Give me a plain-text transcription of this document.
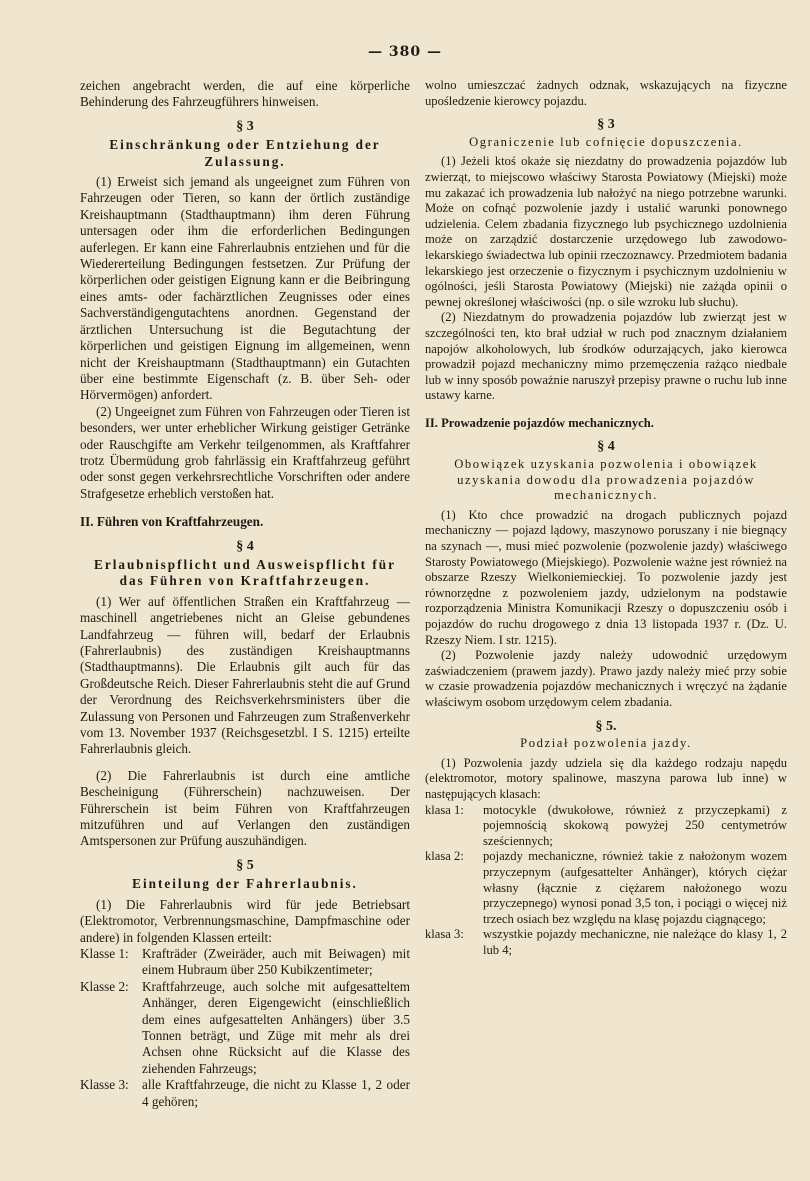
— 380 —

zeichen angebracht werden, die auf eine körperliche Behinderung des Fahrzeugführers hinweisen.

§ 3
Einschränkung oder Entziehung der Zulassung.

(1) Erweist sich jemand als ungeeignet zum Führen von Fahrzeugen oder Tieren, so kann der örtlich zuständige Kreishauptmann (Stadthauptmann) ihm deren Führung untersagen oder ihm die erforderlichen Bedingungen auferlegen. Er kann eine Fahrerlaubnis entziehen und für die Wiedererteilung Bedingungen festsetzen. Zur Prüfung der körperlichen oder geistigen Eignung kann er die Beibringung eines amts- oder fachärztlichen Zeugnisses oder eines Sachverständigengutachtens anordnen. Gegenstand der ärztlichen Untersuchung ist die Begutachtung der körperlichen und geistigen Eignung im allgemeinen, wenn nicht der Kreishauptmann (Stadthauptmann) ein Gutachten über eine bestimmte Eigenschaft (z. B. über Seh- oder Hörvermögen) anfordert.

(2) Ungeeignet zum Führen von Fahrzeugen oder Tieren ist besonders, wer unter erheblicher Wirkung geistiger Getränke oder Rauschgifte am Verkehr teilgenommen, als Kraftfahrer trotz Übermüdung grob fahrlässig ein Kraftfahrzeug geführt oder sonst gegen verkehrsrechtliche Vorschriften oder andere Strafgesetze erheblich verstoßen hat.

II. Führen von Kraftfahrzeugen.
§ 4
Erlaubnispflicht und Ausweispflicht für das Führen von Kraftfahrzeugen.

(1) Wer auf öffentlichen Straßen ein Kraftfahrzeug — maschinell angetriebenes nicht an Gleise gebundenes Landfahrzeug — führen will, bedarf der Erlaubnis (Fahrerlaubnis) des zuständigen Kreishauptmanns (Stadthauptmanns). Die Erlaubnis gilt auch für das Großdeutsche Reich. Dieser Fahrerlaubnis steht die auf Grund der Verordnung des Reichsverkehrsministers über die Zulassung von Personen und Fahrzeugen zum Straßenverkehr vom 13. November 1937 (Reichsgesetzbl. I S. 1215) erteilte Fahrerlaubnis gleich.

(2) Die Fahrerlaubnis ist durch eine amtliche Bescheinigung (Führerschein) nachzuweisen. Der Führerschein ist beim Führen von Kraftfahrzeugen mitzuführen und auf Verlangen den zuständigen Amtspersonen zur Prüfung auszuhändigen.

§ 5
Einteilung der Fahrerlaubnis.

(1) Die Fahrerlaubnis wird für jede Betriebsart (Elektromotor, Verbrennungsmaschine, Dampfmaschine oder andere) in folgenden Klassen erteilt:

Klasse 1:	Krafträder (Zweiräder, auch mit Beiwagen) mit einem Hubraum über 250 Kubikzentimeter;
Klasse 2:	Kraftfahrzeuge, auch solche mit aufgesatteltem Anhänger, deren Eigengewicht (einschließlich dem eines aufgesattelten Anhängers) über 3.5 Tonnen beträgt, und Züge mit mehr als drei Achsen ohne Rücksicht auf die Klasse des ziehenden Fahrzeugs;
Klasse 3:	alle Kraftfahrzeuge, die nicht zu Klasse 1, 2 oder 4 gehören;

wolno umieszczać żadnych odznak, wskazujących na fizyczne upośledzenie kierowcy pojazdu.

§ 3
Ograniczenie lub cofnięcie dopuszczenia.

(1) Jeżeli ktoś okaże się niezdatny do prowadzenia pojazdów lub zwierząt, to miejscowo właściwy Starosta Powiatowy (Miejski) może mu zakazać ich prowadzenia lub nałożyć na niego potrzebne warunki. Może on cofnąć pozwolenie jazdy i ustalić warunki ponownego udzielenia. Celem zbadania fizycznego lub psychicznego uzdolnienia może on zarządzić dostarczenie urzędowego lub zawodowo-lekarskiego świadectwa lub opinii rzeczoznawcy. Przedmiotem badania lekarskiego jest orzeczenie o fizycznym i psychicznym uzdolnieniu w ogólności, jeśli Starosta Powiatowy (Miejski) nie zażąda opinii o pewnej określonej właściwości (np. o sile wzroku lub słuchu).

(2) Niezdatnym do prowadzenia pojazdów lub zwierząt jest w szczególności ten, kto brał udział w ruch pod znacznym działaniem napojów alkoholowych, lub środków odurzających, jako kierowca prowadził pojazd mechaniczny mimo przemęczenia rażąco niedbale lub w inny sposób poważnie naruszył przepisy prawne o ruchu lub inne ustawy karne.

II. Prowadzenie pojazdów mechanicznych.
§ 4
Obowiązek uzyskania pozwolenia i obowiązek uzyskania dowodu dla prowadzenia pojazdów mechanicznych.

(1) Kto chce prowadzić na drogach publicznych pojazd mechaniczny — pojazd lądowy, maszynowo poruszany i nie biegnący na szynach —, musi mieć pozwolenie (pozwolenie jazdy) właściwego Starosty Powiatowego (Miejskiego). Pozwolenie ważne jest również na obszarze Rzeszy Wielkoniemieckiej. To pozwolenie jazdy jest równorzędne z pozwoleniem jazdy, udzielonym na podstawie rozporządzenia Ministra Komunikacji Rzeszy o dopuszczeniu osób i pojazdów do ruchu drogowego z dnia 13 listopada 1937 r. (Dz. U. Rzeszy Niem. I str. 1215).

(2) Pozwolenie jazdy należy udowodnić urzędowym zaświadczeniem (prawem jazdy). Prawo jazdy należy mieć przy sobie w czasie prowadzenia pojazdów mechanicznych i wręczyć na żądanie właściwym osobom urzędowym celem zbadania.

§ 5.
Podział pozwolenia jazdy.

(1) Pozwolenia jazdy udziela się dla każdego rodzaju napędu (elektromotor, motory spalinowe, maszyna parowa lub inne) w następujących klasach:

klasa 1:	motocykle (dwukołowe, również z przyczepkami) z pojemnością skokową powyżej 250 centymetrów sześciennych;
klasa 2:	pojazdy mechaniczne, również takie z nałożonym wozem przyczepnym (aufgesattelter Anhänger), których ciężar własny (łącznie z ciężarem nałożonego wozu przyczepnego) wynosi ponad 3,5 ton, i pociągi o więcej niż trzech osiach bez względu na klasę pojazdu ciągnącego;
klasa 3:	wszystkie pojazdy mechaniczne, nie należące do klasy 1, 2 lub 4;
